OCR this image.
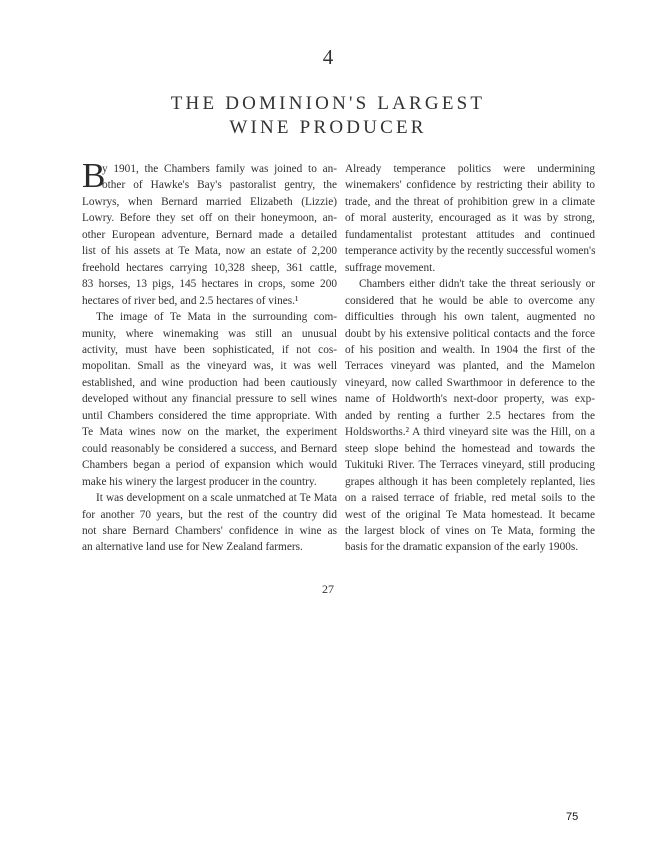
4
THE DOMINION'S LARGEST
WINE PRODUCER
B
y 1901, the Chambers family was joined to an-
other of Hawke's Bay's pastoralist gentry, the
Lowrys, when Bernard married Elizabeth (Lizzie)
Lowry. Before they set off on their honeymoon, an-
other European adventure, Bernard made a detailed
list of his assets at Te Mata, now an estate of 2,200
freehold hectares carrying 10,328 sheep, 361 cattle,
83 horses, 13 pigs, 145 hectares in crops, some 200
hectares of river bed, and 2.5 hectares of vines.¹
The image of Te Mata in the surrounding com-
munity, where winemaking was still an unusual
activity, must have been sophisticated, if not cos-
mopolitan. Small as the vineyard was, it was well
established, and wine production had been cautiously
developed without any financial pressure to sell wines
until Chambers considered the time appropriate. With
Te Mata wines now on the market, the experiment
could reasonably be considered a success, and Bernard
Chambers began a period of expansion which would
make his winery the largest producer in the country.
It was development on a scale unmatched at Te Mata
for another 70 years, but the rest of the country did
not share Bernard Chambers' confidence in wine as
an alternative land use for New Zealand farmers.
Already temperance politics were undermining
winemakers' confidence by restricting their ability to
trade, and the threat of prohibition grew in a climate
of moral austerity, encouraged as it was by strong,
fundamentalist protestant attitudes and continued
temperance activity by the recently successful women's
suffrage movement.
Chambers either didn't take the threat seriously or
considered that he would be able to overcome any
difficulties through his own talent, augmented no
doubt by his extensive political contacts and the force
of his position and wealth. In 1904 the first of the
Terraces vineyard was planted, and the Mamelon
vineyard, now called Swarthmoor in deference to the
name of Holdworth's next-door property, was exp-
anded by renting a further 2.5 hectares from the
Holdsworths.² A third vineyard site was the Hill, on a
steep slope behind the homestead and towards the
Tukituki River. The Terraces vineyard, still producing
grapes although it has been completely replanted, lies
on a raised terrace of friable, red metal soils to the
west of the original Te Mata homestead. It became
the largest block of vines on Te Mata, forming the
basis for the dramatic expansion of the early 1900s.
27
75
